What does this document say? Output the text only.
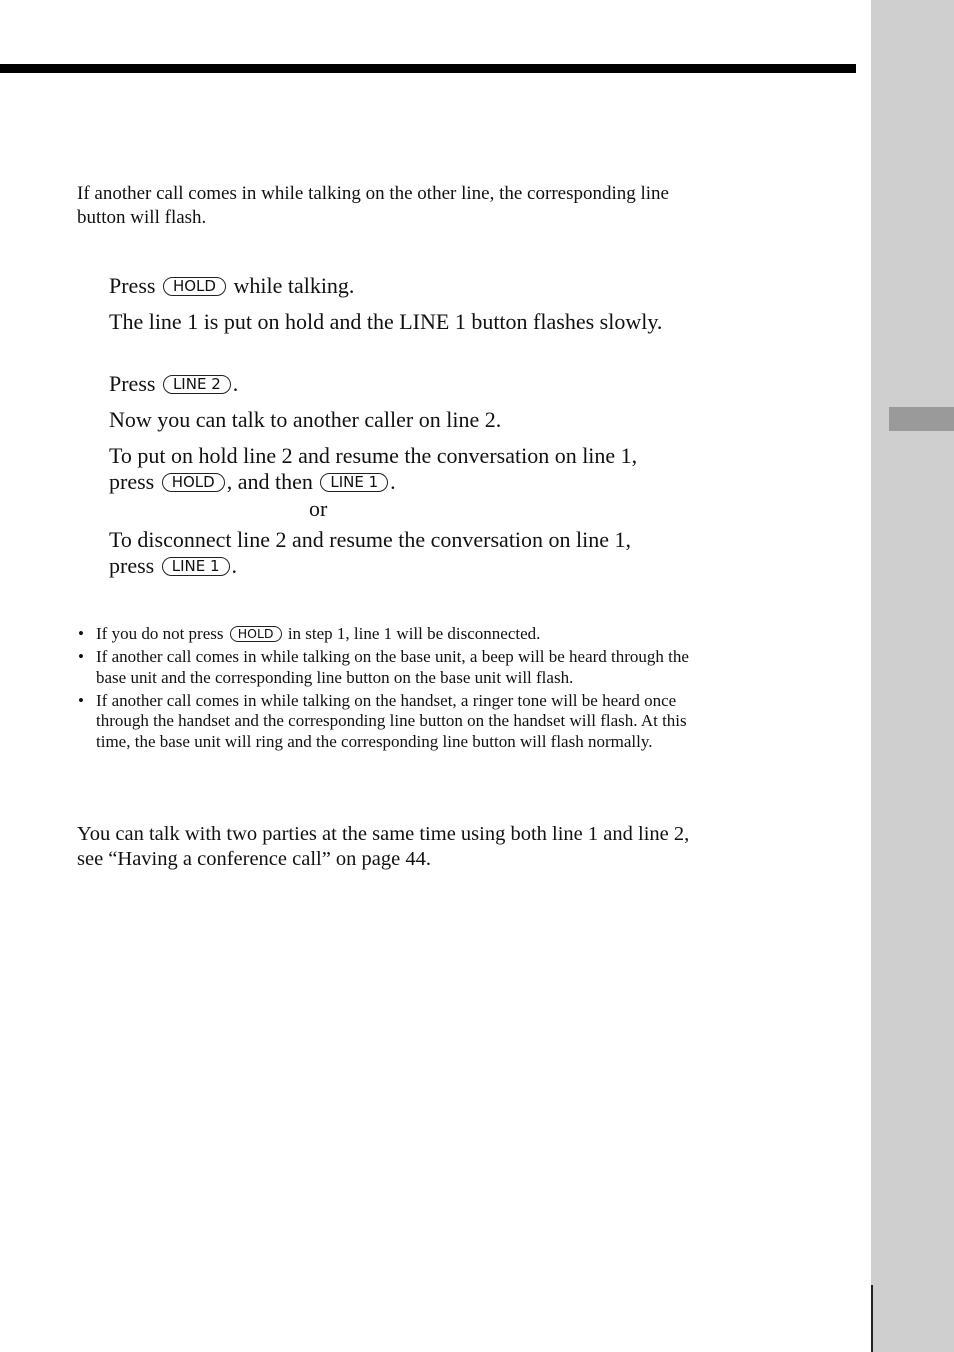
If another call comes in while talking on the other line, the corresponding line button will flash.

Press HOLD while talking.
The line 1 is put on hold and the LINE 1 button flashes slowly.
Press LINE 2 .
Now you can talk to another caller on line 2.
To put on hold line 2 and resume the conversation on line 1,
press HOLD , and then LINE 1 .
or
To disconnect line 2 and resume the conversation on line 1,
press LINE 1 .
• If you do not press HOLD in step 1, line 1 will be disconnected.
• If another call comes in while talking on the base unit, a beep will be heard through the base unit and the corresponding line button on the base unit will flash.
• If another call comes in while talking on the handset, a ringer tone will be heard once through the handset and the corresponding line button on the handset will flash. At this time, the base unit will ring and the corresponding line button will flash normally.

You can talk with two parties at the same time using both line 1 and line 2, see “Having a conference call” on page 44.
